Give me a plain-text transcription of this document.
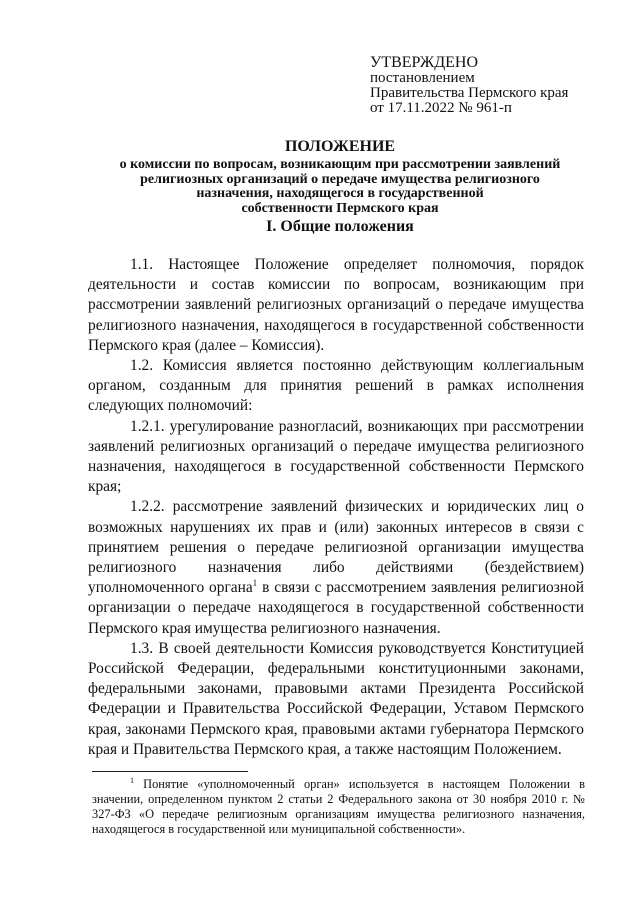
УТВЕРЖДЕНО
постановлением
Правительства Пермского края
от 17.11.2022 № 961-п
ПОЛОЖЕНИЕ
о комиссии по вопросам, возникающим при рассмотрении заявлений
религиозных организаций о передаче имущества религиозного
назначения, находящегося в государственной
собственности Пермского края
I. Общие положения

1.1. Настоящее Положение определяет полномочия, порядок деятельности и состав комиссии по вопросам, возникающим при рассмотрении заявлений религиозных организаций о передаче имущества религиозного назначения, находящегося в государственной собственности Пермского края (далее – Комиссия).

1.2. Комиссия является постоянно действующим коллегиальным органом, созданным для принятия решений в рамках исполнения следующих полномочий:

1.2.1. урегулирование разногласий, возникающих при рассмотрении заявлений религиозных организаций о передаче имущества религиозного назначения, находящегося в государственной собственности Пермского края;

1.2.2. рассмотрение заявлений физических и юридических лиц о возможных нарушениях их прав и (или) законных интересов в связи с принятием решения о передаче религиозной организации имущества религиозного назначения либо действиями (бездействием) уполномоченного органа$^1$ в связи с рассмотрением заявления религиозной организации о передаче находящегося в государственной собственности Пермского края имущества религиозного назначения.

1.3. В своей деятельности Комиссия руководствуется Конституцией Российской Федерации, федеральными конституционными законами, федеральными законами, правовыми актами Президента Российской Федерации и Правительства Российской Федерации, Уставом Пермского края, законами Пермского края, правовыми актами губернатора Пермского края и Правительства Пермского края, а также настоящим Положением.

$^1$ Понятие «уполномоченный орган» используется в настоящем Положении в значении, определенном пунктом 2 статьи 2 Федерального закона от 30 ноября 2010 г. № 327-ФЗ «О передаче религиозным организациям имущества религиозного назначения, находящегося в государственной или муниципальной собственности».
